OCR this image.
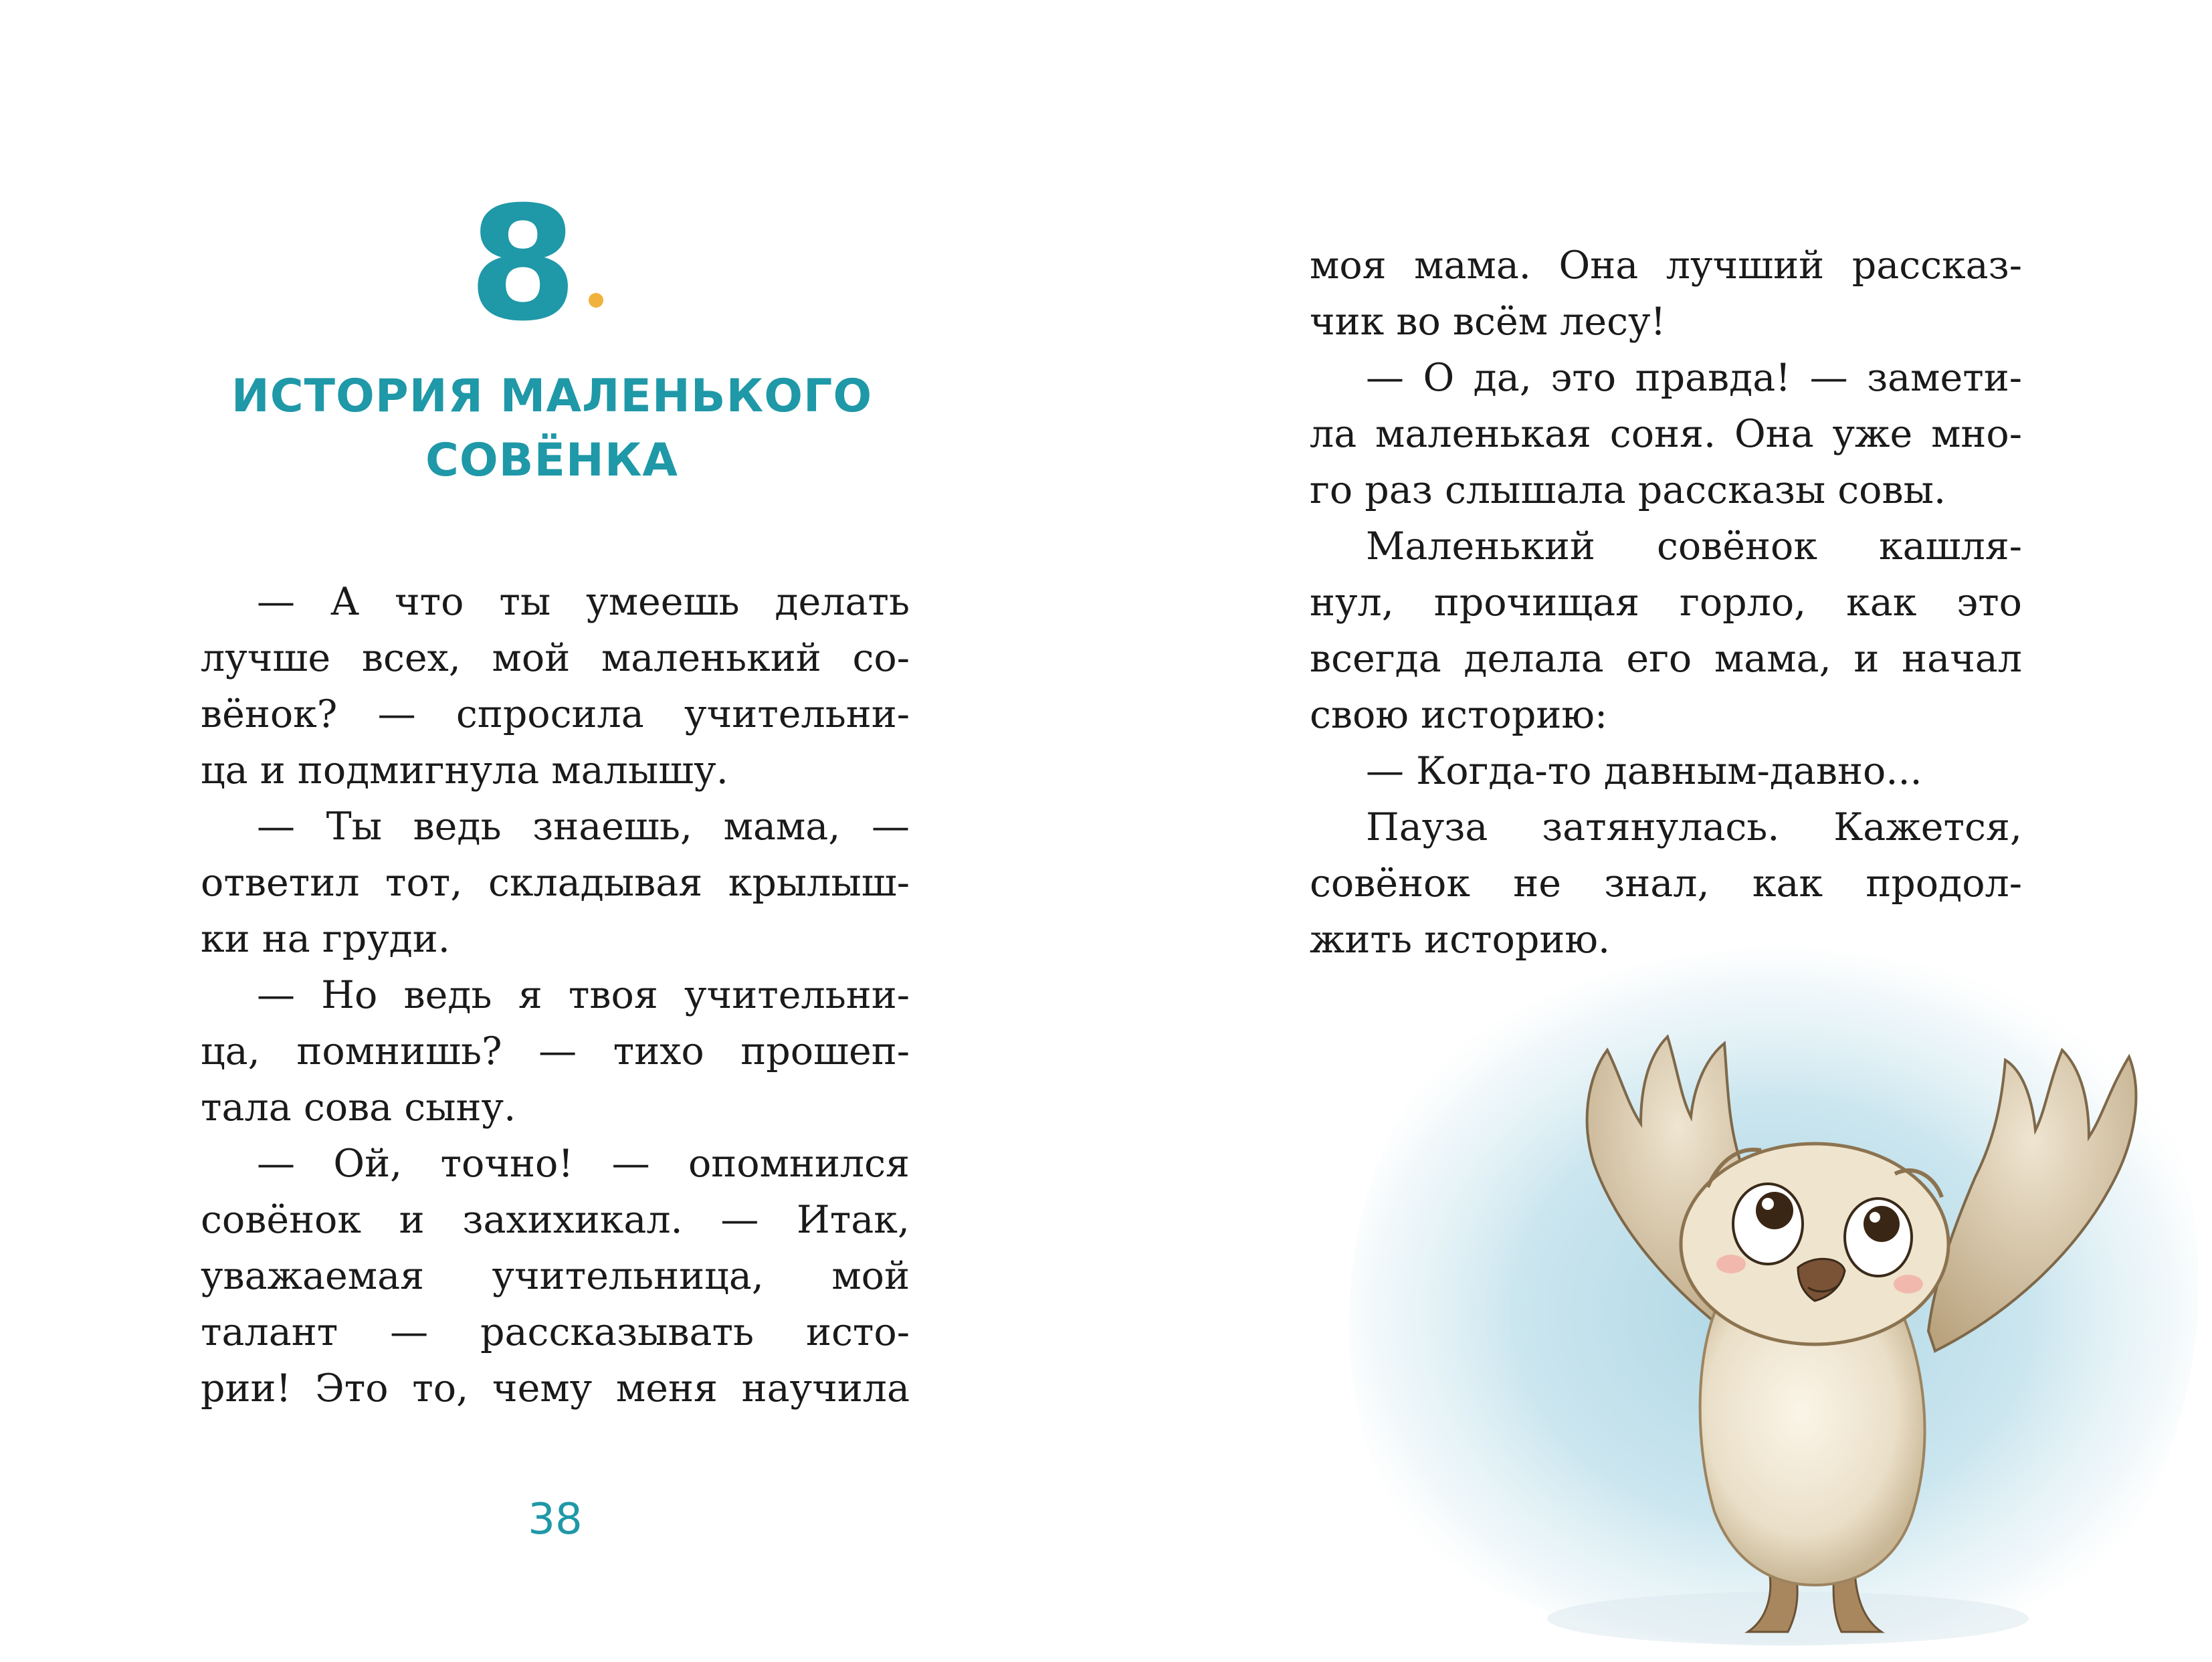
8
ИСТОРИЯ МАЛЕНЬКОГО
СОВЁНКА
— А что ты умеешь делать
лучше всех, мой маленький со-
вёнок? — спросила учительни-
ца и подмигнула малышу.
— Ты ведь знаешь, мама, —
ответил тот, складывая крылыш-
ки на груди.
— Но ведь я твоя учительни-
ца, помнишь? — тихо прошеп-
тала сова сыну.
— Ой, точно! — опомнился
совёнок и захихикал. — Итак,
уважаемая учительница, мой
талант — рассказывать исто-
рии! Это то, чему меня научила
38
моя мама. Она лучший рассказ-
чик во всём лесу!
— О да, это правда! — замети-
ла маленькая соня. Она уже мно-
го раз слышала рассказы совы.
Маленький совёнок кашля-
нул, прочищая горло, как это
всегда делала его мама, и начал
свою историю:
— Когда-то давным-давно...
Пауза затянулась. Кажется,
совёнок не знал, как продол-
жить историю.
